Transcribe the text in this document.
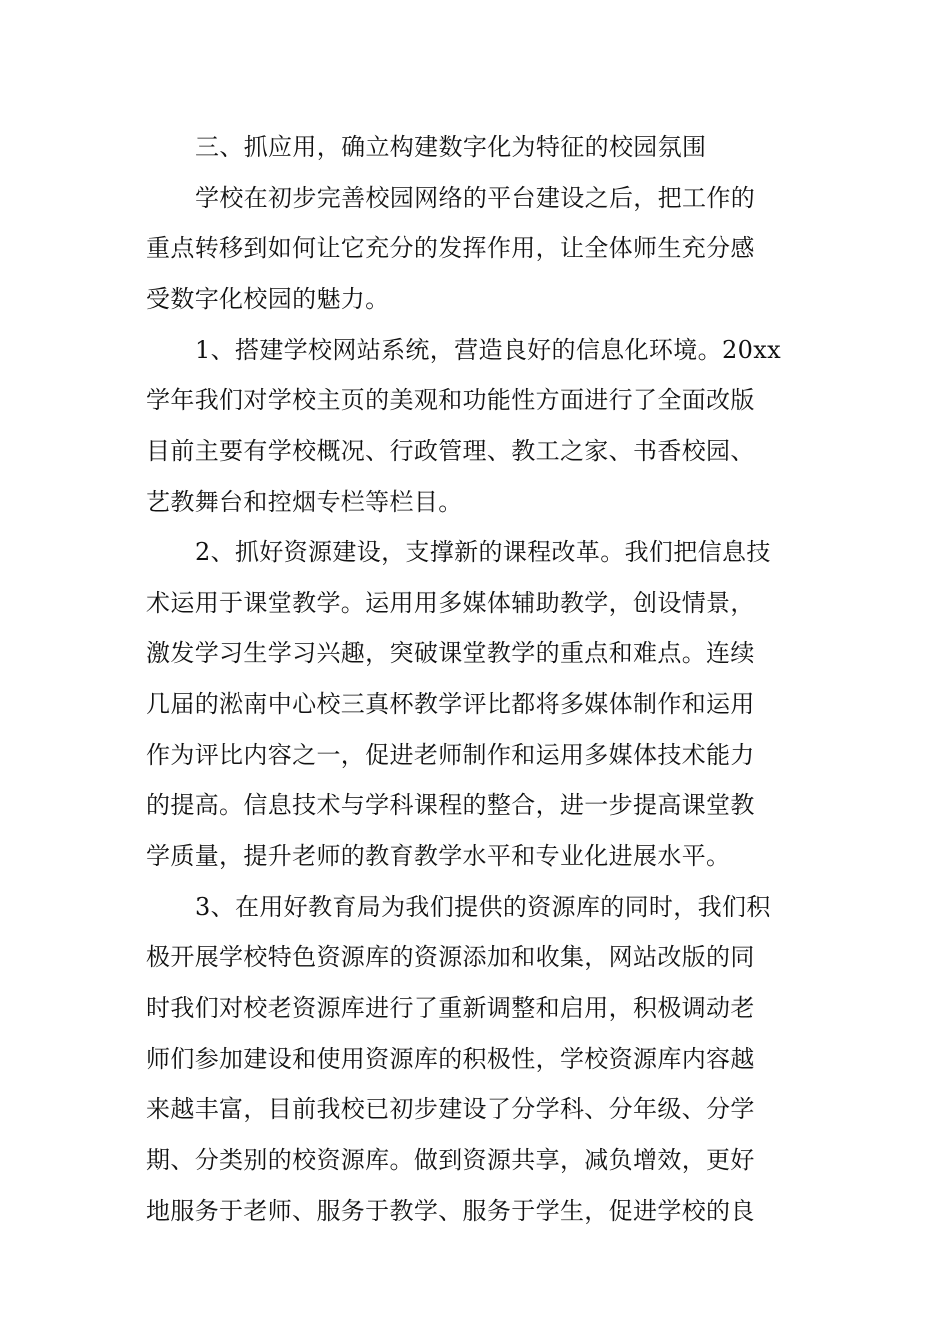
三、抓应用，确立构建数字化为特征的校园氛围
学校在初步完善校园网络的平台建设之后，把工作的
重点转移到如何让它充分的发挥作用，让全体师生充分感
受数字化校园的魅力。
1、搭建学校网站系统，营造良好的信息化环境。20xx
学年我们对学校主页的美观和功能性方面进行了全面改版
目前主要有学校概况、行政管理、教工之家、书香校园、
艺教舞台和控烟专栏等栏目。
2、抓好资源建设，支撑新的课程改革。我们把信息技
术运用于课堂教学。运用用多媒体辅助教学，创设情景，
激发学习生学习兴趣，突破课堂教学的重点和难点。连续
几届的淞南中心校三真杯教学评比都将多媒体制作和运用
作为评比内容之一，促进老师制作和运用多媒体技术能力
的提高。信息技术与学科课程的整合，进一步提高课堂教
学质量，提升老师的教育教学水平和专业化进展水平。
3、在用好教育局为我们提供的资源库的同时，我们积
极开展学校特色资源库的资源添加和收集，网站改版的同
时我们对校老资源库进行了重新调整和启用，积极调动老
师们参加建设和使用资源库的积极性，学校资源库内容越
来越丰富，目前我校已初步建设了分学科、分年级、分学
期、分类别的校资源库。做到资源共享，减负增效，更好
地服务于老师、服务于教学、服务于学生，促进学校的良
